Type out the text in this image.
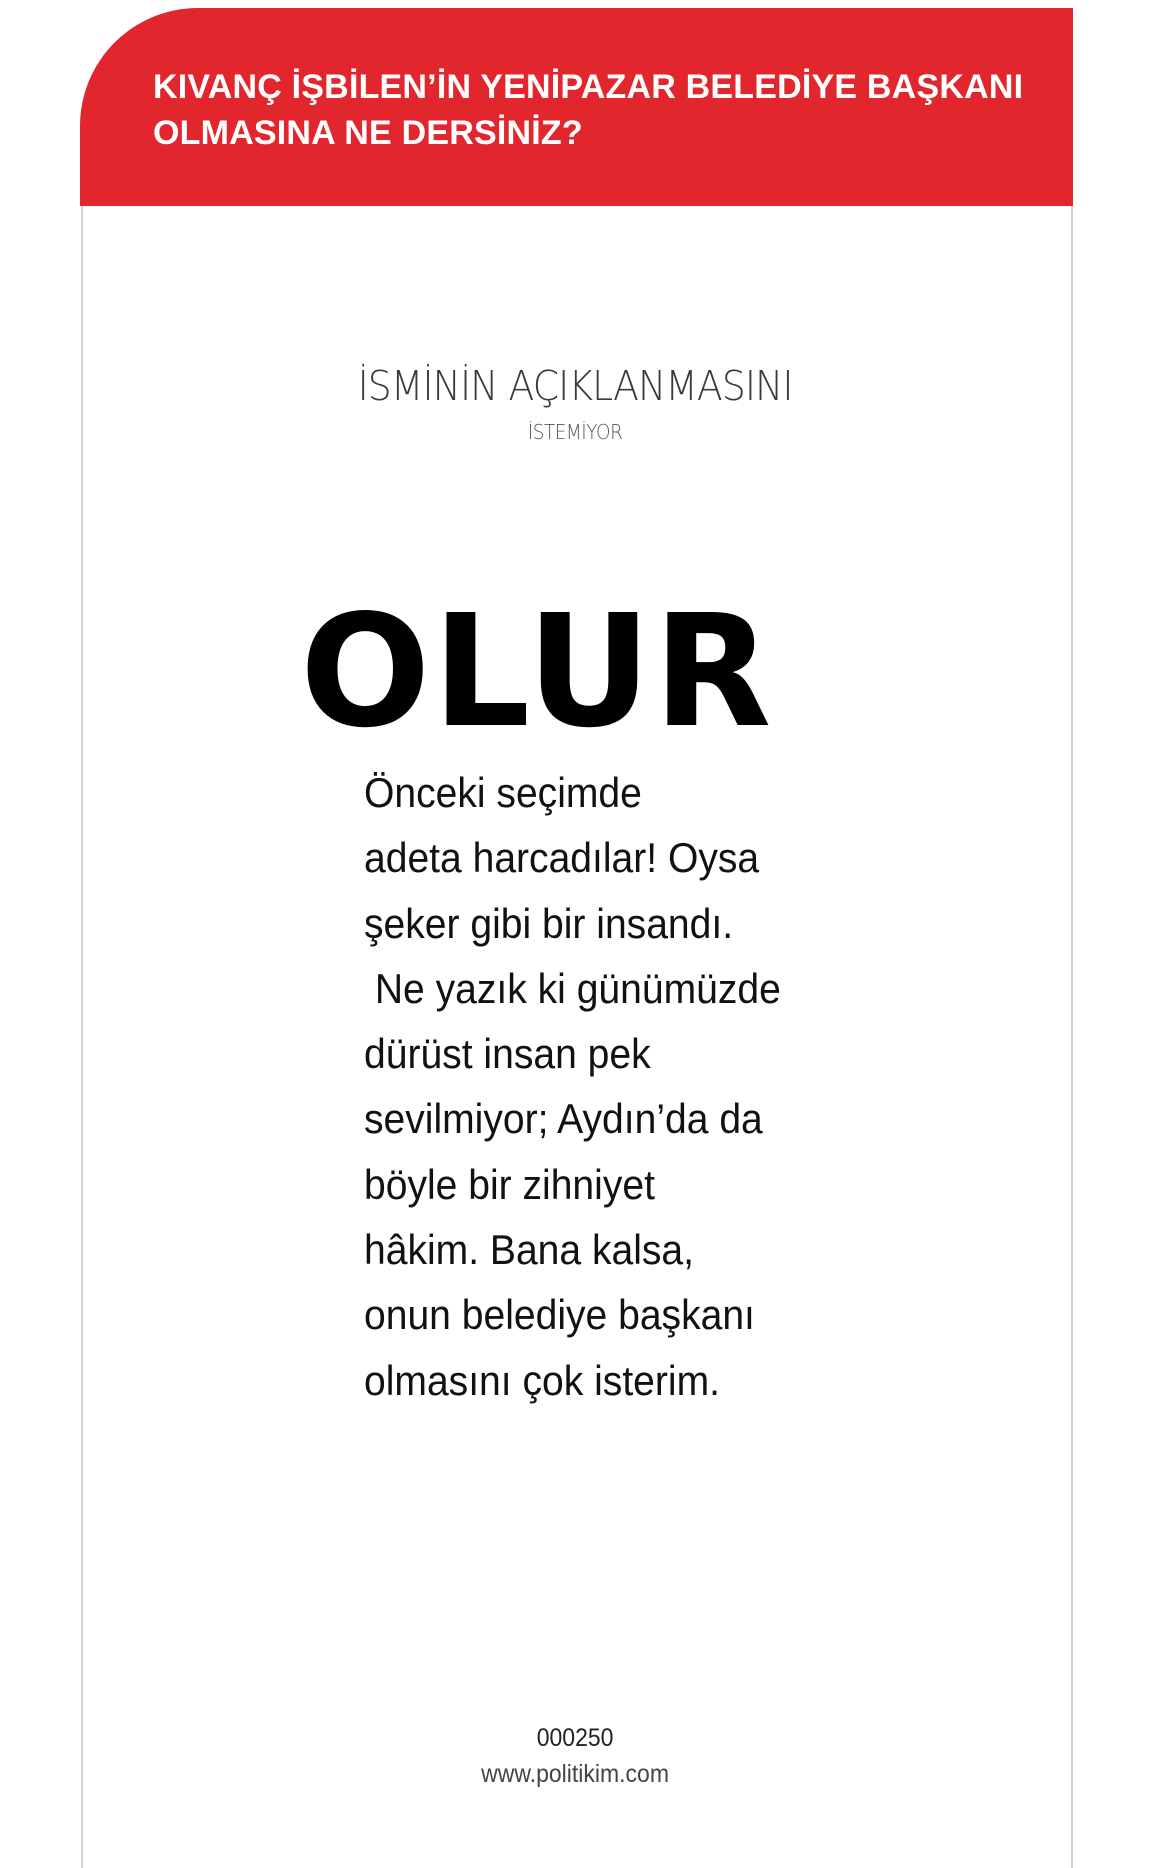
KIVANÇ İŞBİLEN’İN YENİPAZAR BELEDİYE BAŞKANI
OLMASINA NE DERSİNİZ?

İSMİNİN AÇIKLANMASINI

İSTEMİYOR

OLUR

Önceki seçimde
adeta harcadılar! Oysa
şeker gibi bir insandı.
Ne yazık ki günümüzde
dürüst insan pek
sevilmiyor; Aydın’da da
böyle bir zihniyet
hâkim. Bana kalsa,
onun belediye başkanı
olmasını çok isterim.

000250

www.politikim.com
